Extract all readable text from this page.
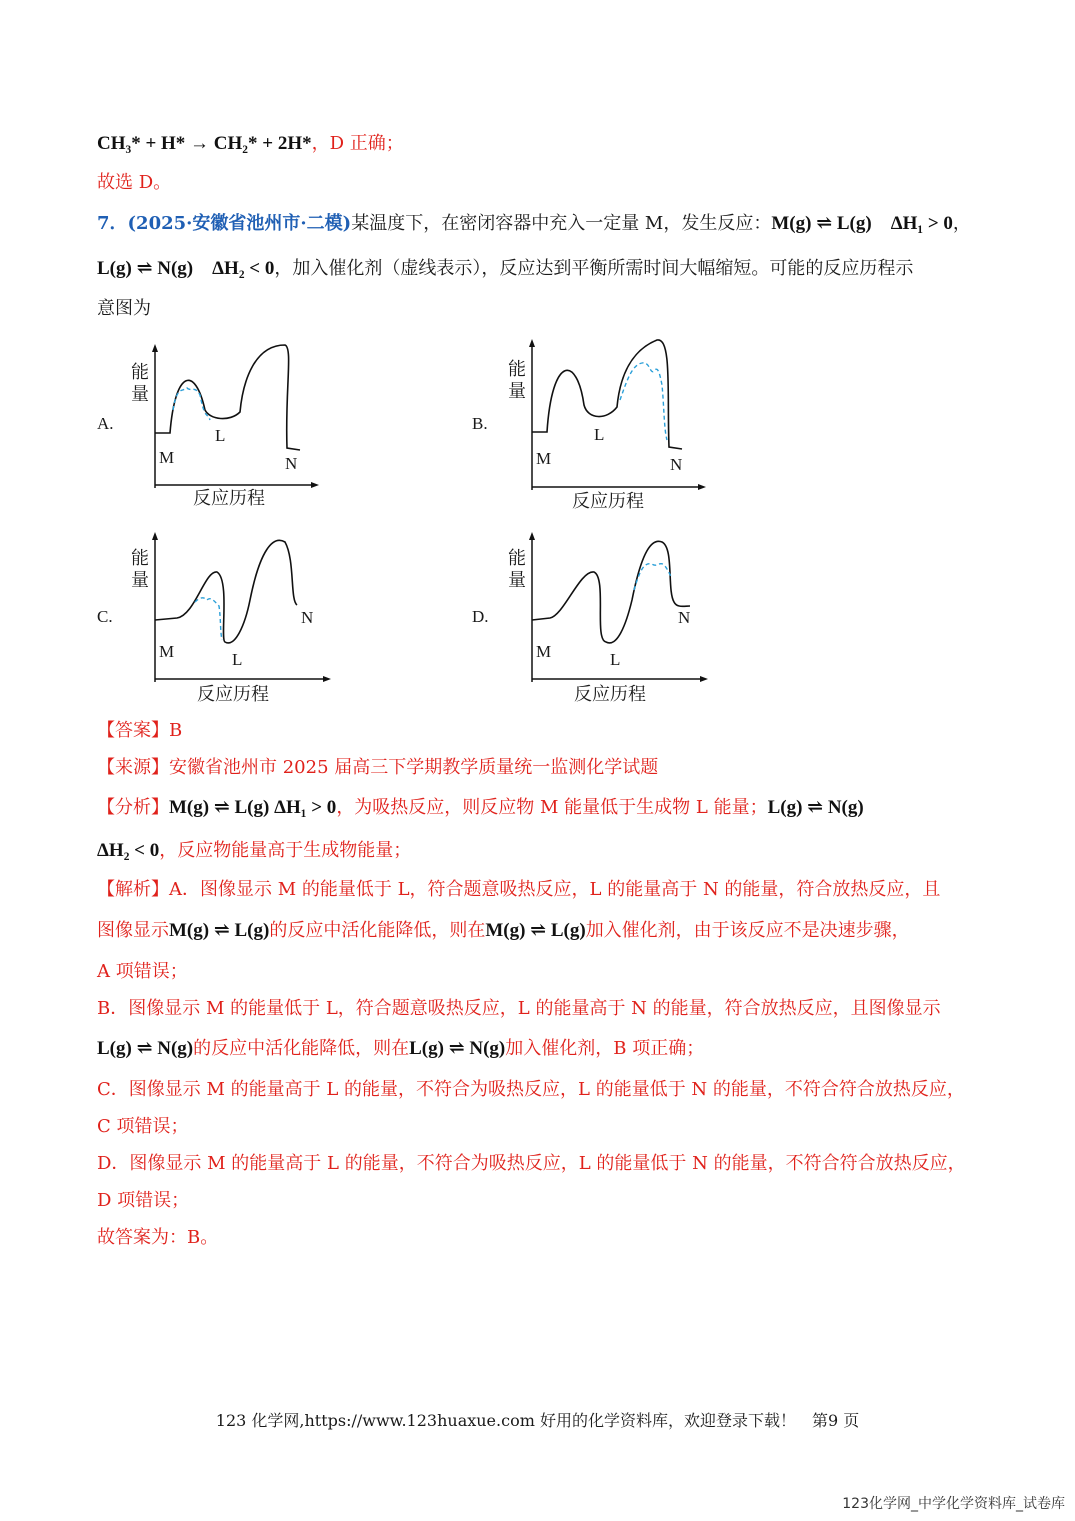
CH₃* + H* → CH₂* + 2H*，D 正确；
故选 D。
7．(2025·安徽省池州市·二模)某温度下，在密闭容器中充入一定量 M，发生反应：M(g) ⇌ L(g) ΔH₁ > 0，
L(g) ⇌ N(g) ΔH₂ < 0，加入催化剂（虚线表示），反应达到平衡所需时间大幅缩短。可能的反应历程示
意图为
A.
能
量
M
L
N
反应历程
B.
能
量
M
L
N
反应历程
C.
能
量
M	L
N
反应历程
D.
能
量
M	L
N
反应历程
【答案】B
【来源】安徽省池州市 2025 届高三下学期教学质量统一监测化学试题
【分析】M(g) ⇌ L(g) ΔH₁ > 0，为吸热反应，则反应物 M 能量低于生成物 L 能量；L(g) ⇌ N(g)
ΔH₂ < 0，反应物能量高于生成物能量；
【解析】A．图像显示 M 的能量低于 L，符合题意吸热反应，L 的能量高于 N 的能量，符合放热反应，且
图像显示M(g) ⇌ L(g)的反应中活化能降低，则在M(g) ⇌ L(g)加入催化剂，由于该反应不是决速步骤，
A 项错误；
B．图像显示 M 的能量低于 L，符合题意吸热反应，L 的能量高于 N 的能量，符合放热反应，且图像显示
L(g) ⇌ N(g)的反应中活化能降低，则在L(g) ⇌ N(g)加入催化剂，B 项正确；
C．图像显示 M 的能量高于 L 的能量，不符合为吸热反应，L 的能量低于 N 的能量，不符合符合放热反应，
C 项错误；
D．图像显示 M 的能量高于 L 的能量，不符合为吸热反应，L 的能量低于 N 的能量，不符合符合放热反应，
D 项错误；
故答案为：B。
123 化学网,https://www.123huaxue.com 好用的化学资料库，欢迎登录下载！ 第9 页
123化学网_中学化学资料库_试卷库
